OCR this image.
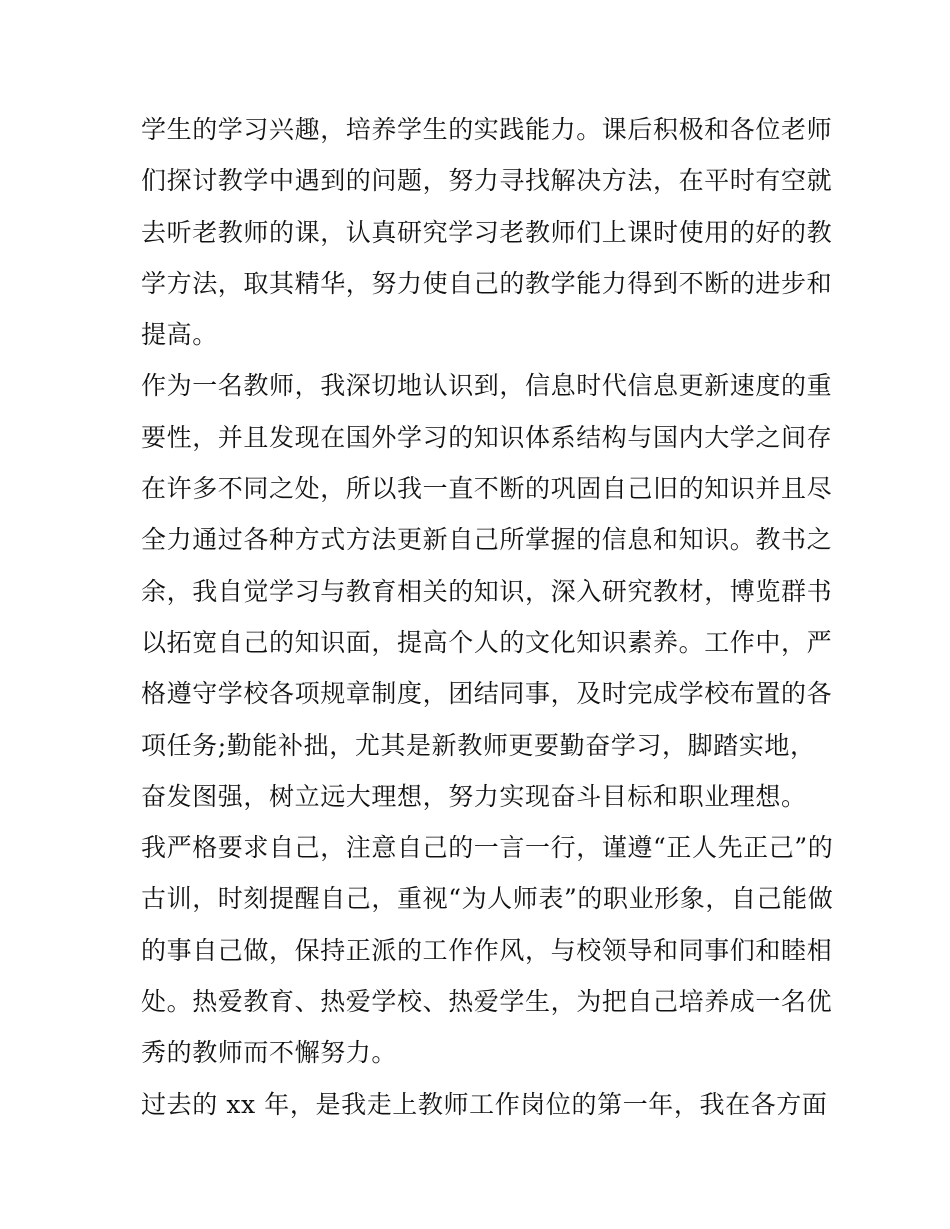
学生的学习兴趣，培养学生的实践能力。课后积极和各位老师
们探讨教学中遇到的问题，努力寻找解决方法，在平时有空就
去听老教师的课，认真研究学习老教师们上课时使用的好的教
学方法，取其精华，努力使自己的教学能力得到不断的进步和
提高。
作为一名教师，我深切地认识到，信息时代信息更新速度的重
要性，并且发现在国外学习的知识体系结构与国内大学之间存
在许多不同之处，所以我一直不断的巩固自己旧的知识并且尽
全力通过各种方式方法更新自己所掌握的信息和知识。教书之
余，我自觉学习与教育相关的知识，深入研究教材，博览群书
以拓宽自己的知识面，提高个人的文化知识素养。工作中，严
格遵守学校各项规章制度，团结同事，及时完成学校布置的各
项任务;勤能补拙，尤其是新教师更要勤奋学习，脚踏实地，
奋发图强，树立远大理想，努力实现奋斗目标和职业理想。
我严格要求自己，注意自己的一言一行，谨遵“正人先正己”的
古训，时刻提醒自己，重视“为人师表”的职业形象，自己能做
的事自己做，保持正派的工作作风，与校领导和同事们和睦相
处。热爱教育、热爱学校、热爱学生，为把自己培养成一名优
秀的教师而不懈努力。
过去的 xx 年，是我走上教师工作岗位的第一年，我在各方面
